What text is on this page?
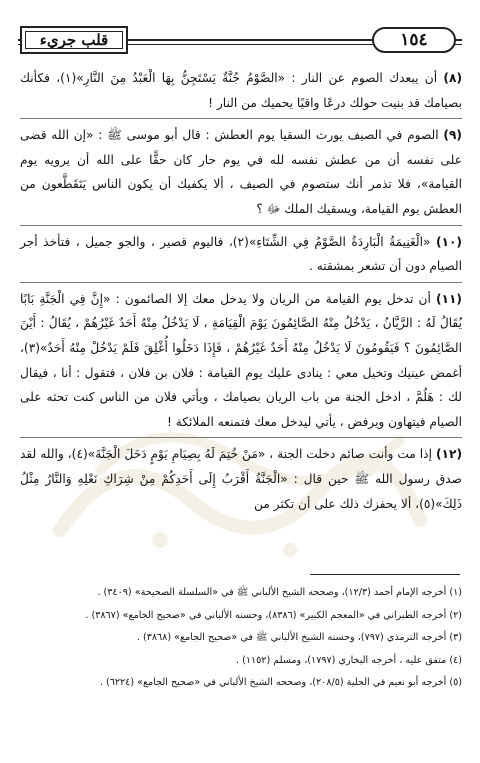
١٥٤
قلب جريء

(٨) أن يبعدك الصوم عن النار : «الصَّوْمُ جُنَّةٌ يَسْتَجِنُّ بِهَا الْعَبْدُ مِنَ النَّارِ»(١)، فكأنك بصيامك قد بنيت حولك درعًا واقيًا يحميك من النار !

(٩) الصوم في الصيف يورث السقيا يوم العطش : قال أبو موسى ﷺ : «إن الله قضى على نفسه أن من عطش نفسه لله في يوم حار كان حقًّا على الله أن يرويه يوم القيامة»، فلا تذمر أنك ستصوم في الصيف ، ألا يكفيك أن يكون الناس يَتَقَطَّعون من العطش يوم القيامة، ويسقيك الملك ﷻ ؟

(١٠) «الْغَنِيمَةُ الْبَارِدَةُ الصَّوْمُ فِي الشِّتَاءِ»(٢)، فاليوم قصير ، والجو جميل ، فتأخذ أجر الصيام دون أن تشعر بمشقته .

(١١) أن تدخل يوم القيامة من الريان ولا يدخل معك إلا الصائمون : «إِنَّ فِي الْجَنَّةِ بَابًا يُقَالُ لَهُ : الرَّيَّانُ ، يَدْخُلُ مِنْهُ الصَّائِمُونَ يَوْمَ الْقِيَامَةِ ، لَا يَدْخُلُ مِنْهُ أَحَدٌ غَيْرُهُمْ ، يُقَالُ : أَيْنَ الصَّائِمُونَ ؟ فَيَقُومُونَ لَا يَدْخُلُ مِنْهُ أَحَدٌ غَيْرُهُمْ ، فَإِذَا دَخَلُوا أُغْلِقَ فَلَمْ يَدْخُلْ مِنْهُ أَحَدٌ»(٣)، أغمض عينيك وتخيل معي : ينادى عليك يوم القيامة : فلان بن فلان ، فتقول : أنا ، فيقال لك : هَلُمَّ ، ادخل الجنة من باب الريان بصيامك ، ويأتي فلان من الناس كنت تحثه على الصيام فيتهاون ويرفض ، يأتي ليدخل معك فتمنعه الملائكة !

(١٢) إذا مت وأنت صائم دخلت الجنة ، «مَنْ خُتِمَ لَهُ بِصِيَامِ يَوْمٍ دَخَلَ الْجَنَّةَ»(٤)، والله لقد صدق رسول الله ﷺ حين قال : «الْجَنَّةُ أَقْرَبُ إِلَى أَحَدِكُمْ مِنْ شِرَاكِ نَعْلِهِ وَالنَّارُ مِثْلُ ذَلِكَ»(٥)، ألا يحفزك ذلك على أن تكثر من

(١) أخرجه الإمام أحمد (١٢/٣)، وصححه الشيخ الألباني ﷺ في «السلسلة الصحيحة» (٣٤٠٩) .

(٢) أخرجه الطبراني في «المعجم الكبير» (٨٣٨٦)، وحسنه الألباني في «صحيح الجامع» (٣٨٦٧) .

(٣) أخرجه الترمذي (٧٩٧)، وحسنه الشيخ الألباني ﷺ في «صحيح الجامع» (٣٨٦٨) .

(٤) متفق عليه ، أخرجه البخاري (١٧٩٧)، ومسلم (١١٥٢) .

(٥) أخرجه أبو نعيم في الحلية (٢٠٨/٥)، وصححه الشيخ الألباني في «صحيح الجامع» (٦٢٢٤) .
